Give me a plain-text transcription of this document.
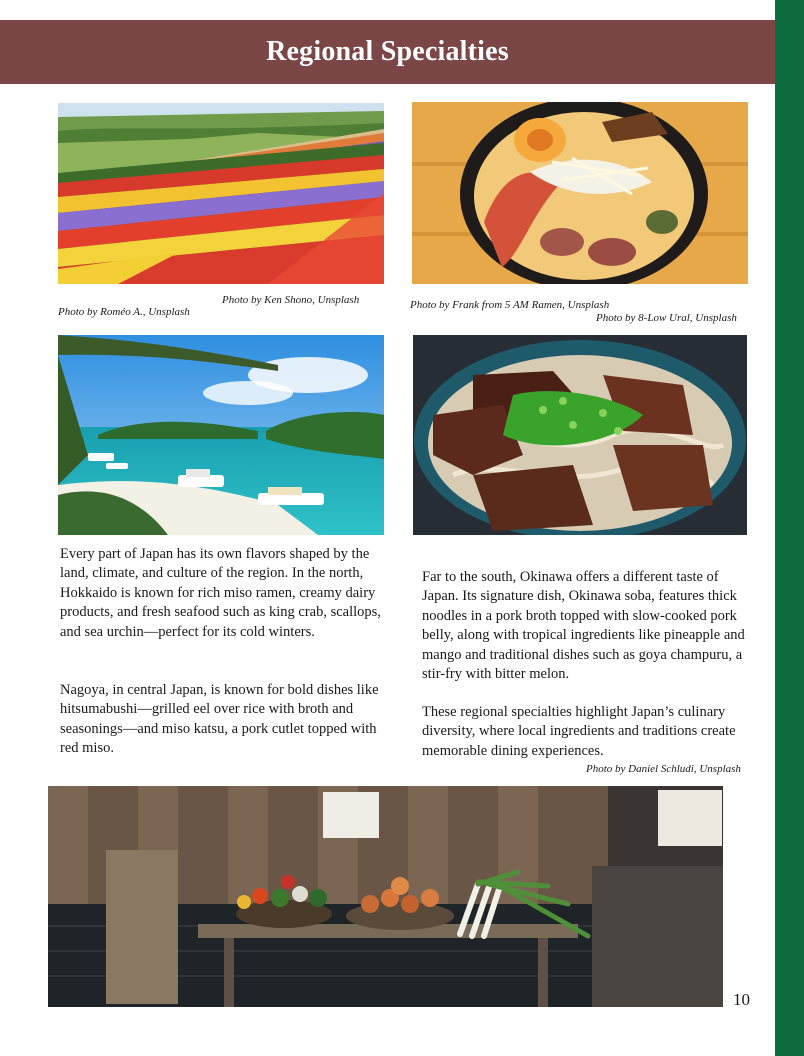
Regional Specialties
Photo by Ken Shono, Unsplash
Photo by Roméo A., Unsplash
Photo by Frank from 5 AM Ramen, Unsplash
Photo by 8-Low Ural, Unsplash

Every part of Japan has its own flavors shaped by the land, climate, and culture of the region. In the north, Hokkaido is known for rich miso ramen, creamy dairy products, and fresh seafood such as king crab, scallops, and sea urchin—perfect for its cold winters.

Nagoya, in central Japan, is known for bold dishes like hitsumabushi—grilled eel over rice with broth and seasonings—and miso katsu, a pork cutlet topped with red miso.

Far to the south, Okinawa offers a different taste of Japan. Its signature dish, Okinawa soba, features thick noodles in a pork broth topped with slow-cooked pork belly, along with tropical ingredients like pineapple and mango and traditional dishes such as goya champuru, a stir-fry with bitter melon.

These regional specialties highlight Japan’s culinary diversity, where local ingredients and traditions create memorable dining experiences.

Photo by Daniel Schludi, Unsplash
10
